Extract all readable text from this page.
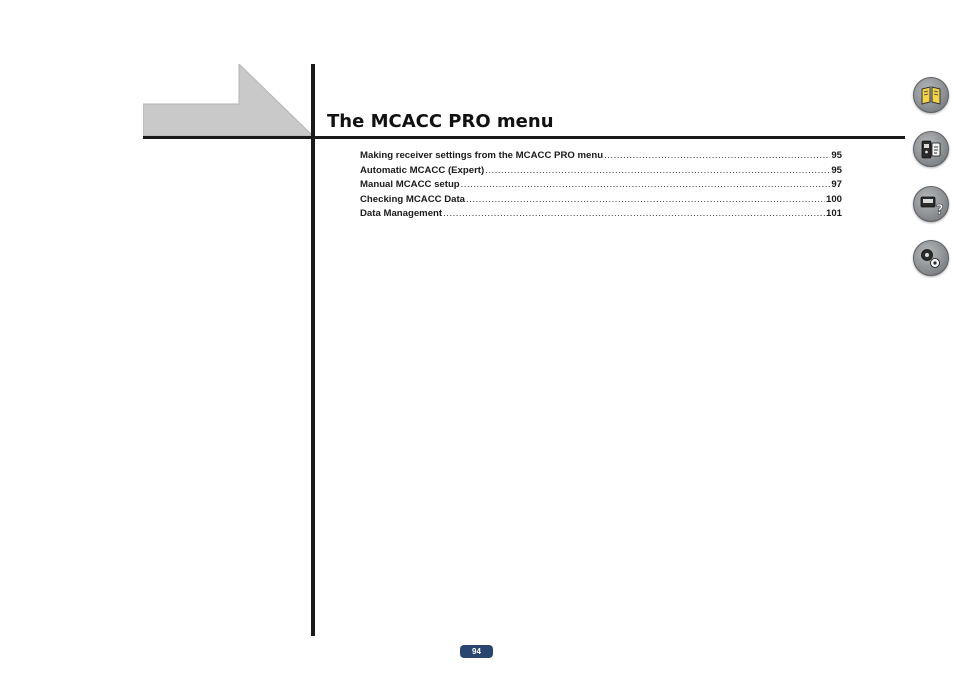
The MCACC PRO menu
Making receiver settings from the MCACC PRO menu .....	95
Automatic MCACC (Expert) .....	95
Manual MCACC setup .....	97
Checking MCACC Data .....	100
Data Management .....	101	?
94
